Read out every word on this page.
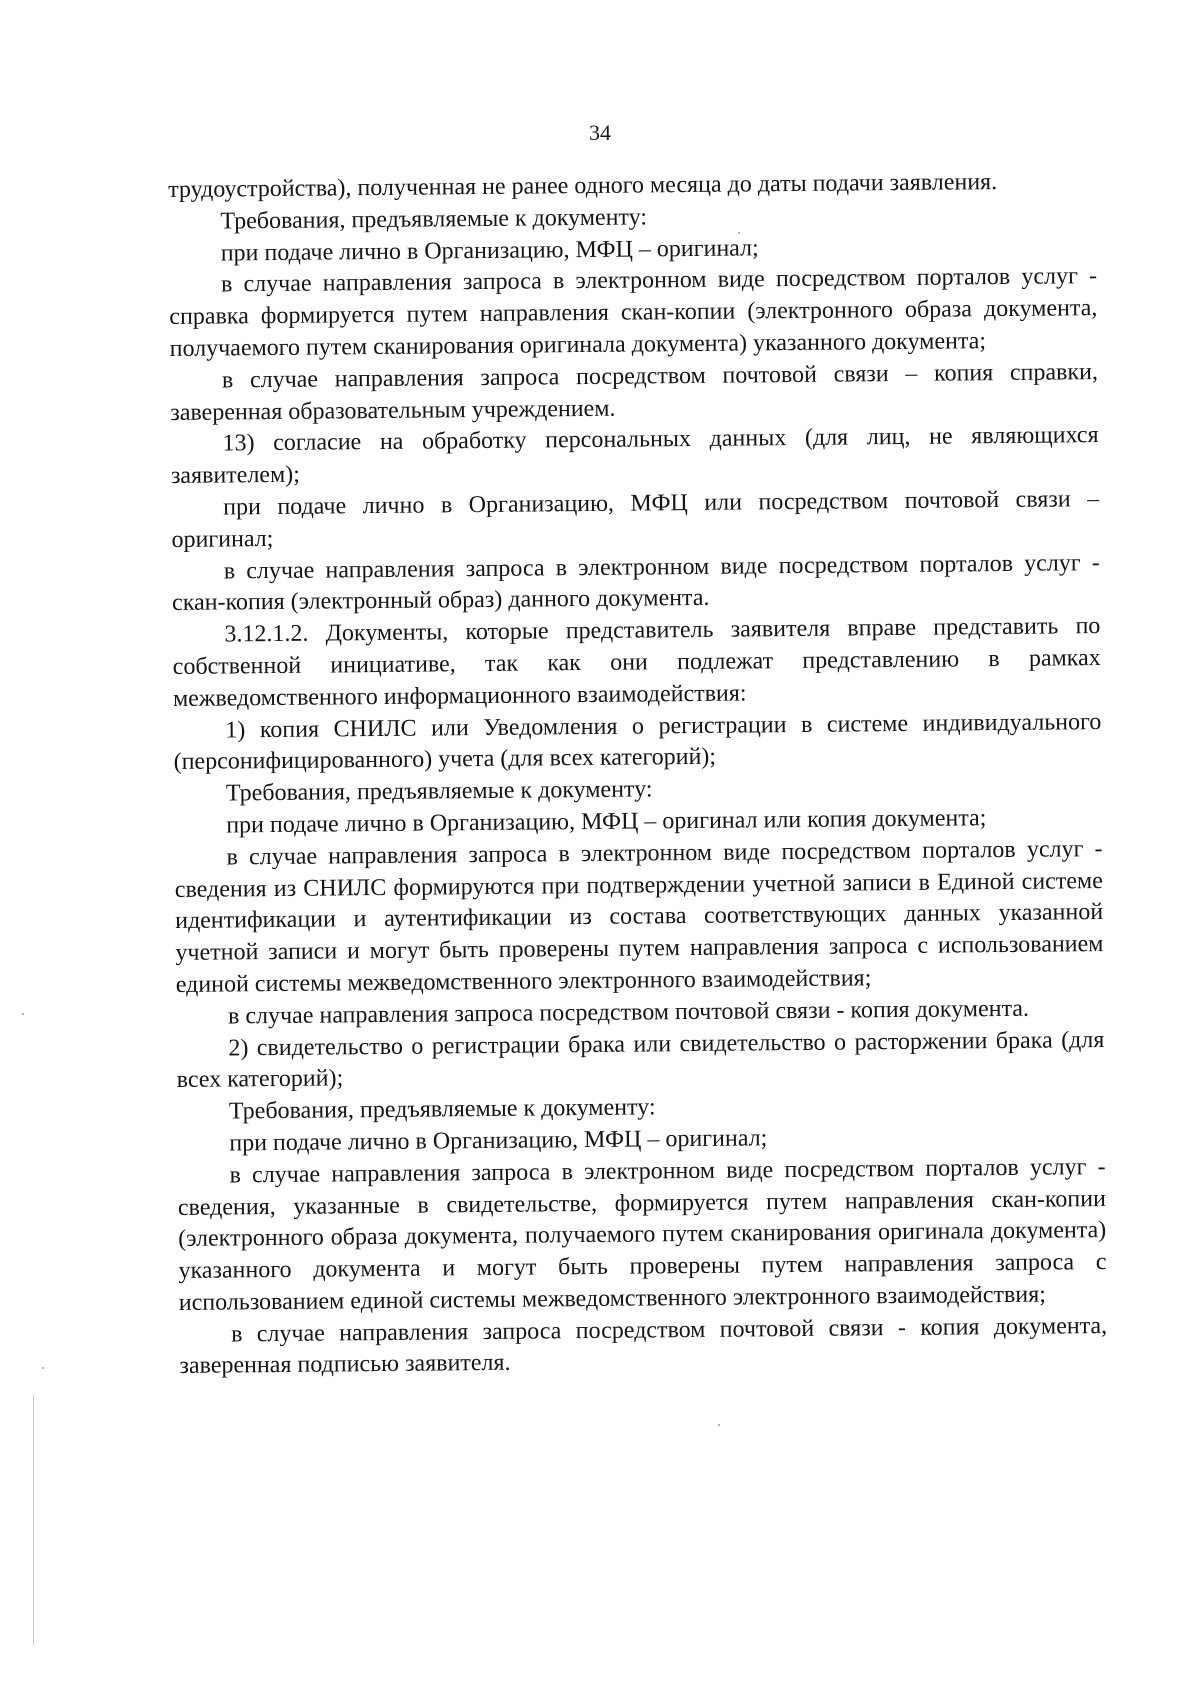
34

трудоустройства), полученная не ранее одного месяца до даты подачи заявления.

Требования, предъявляемые к документу:

при подаче лично в Организацию, МФЦ – оригинал;

в случае направления запроса в электронном виде посредством порталов услуг - справка формируется путем направления скан-копии (электронного образа документа, получаемого путем сканирования оригинала документа) указанного документа;

в случае направления запроса посредством почтовой связи – копия справки, заверенная образовательным учреждением.

13) согласие на обработку персональных данных (для лиц, не являющихся заявителем);

при подаче лично в Организацию, МФЦ или посредством почтовой связи – оригинал;

в случае направления запроса в электронном виде посредством порталов услуг - скан-копия (электронный образ) данного документа.

3.12.1.2. Документы, которые представитель заявителя вправе представить по собственной инициативе, так как они подлежат представлению в рамках межведомственного информационного взаимодействия:

1) копия СНИЛС или Уведомления о регистрации в системе индивидуального (персонифицированного) учета (для всех категорий);

Требования, предъявляемые к документу:

при подаче лично в Организацию, МФЦ – оригинал или копия документа;

в случае направления запроса в электронном виде посредством порталов услуг - сведения из СНИЛС формируются при подтверждении учетной записи в Единой системе идентификации и аутентификации из состава соответствующих данных указанной учетной записи и могут быть проверены путем направления запроса с использованием единой системы межведомственного электронного взаимодействия;

в случае направления запроса посредством почтовой связи - копия документа.

2) свидетельство о регистрации брака или свидетельство о расторжении брака (для всех категорий);

Требования, предъявляемые к документу:

при подаче лично в Организацию, МФЦ – оригинал;

в случае направления запроса в электронном виде посредством порталов услуг - сведения, указанные в свидетельстве, формируется путем направления скан-копии (электронного образа документа, получаемого путем сканирования оригинала документа) указанного документа и могут быть проверены путем направления запроса с использованием единой системы межведомственного электронного взаимодействия;

в случае направления запроса посредством почтовой связи - копия документа, заверенная подписью заявителя.
